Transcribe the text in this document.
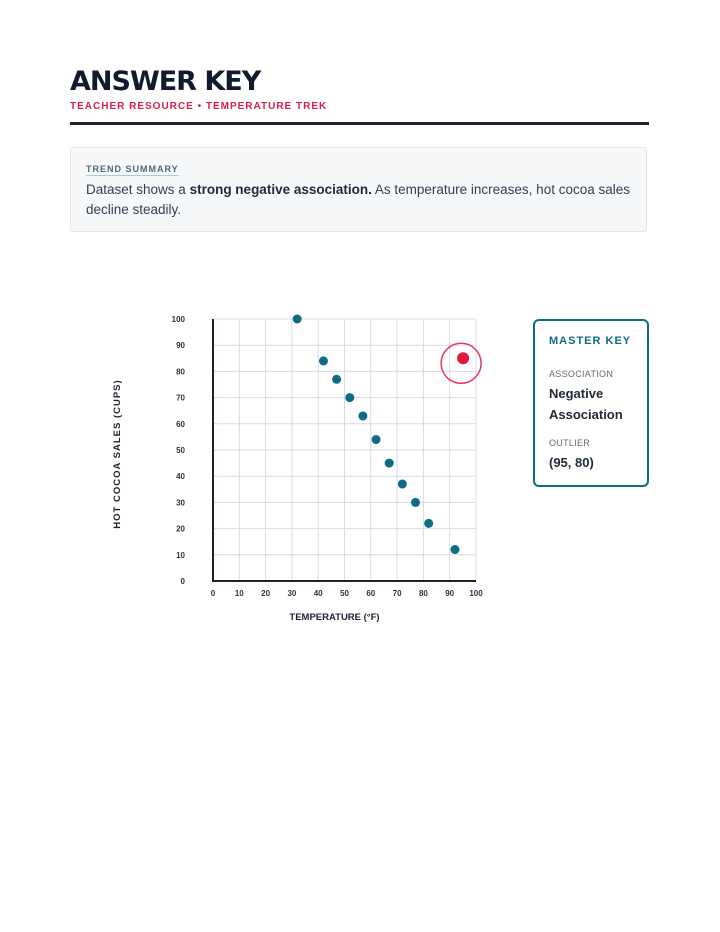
ANSWER KEY
TEACHER RESOURCE • TEMPERATURE TREK
TREND SUMMARY
Dataset shows a strong negative association. As temperature increases, hot cocoa sales decline steadily.
0 10 20 30 40 50 60 70 80 90 100
0
10
20
30
40
50
60
70
80
90
100
TEMPERATURE (°F)
HOT COCOA SALES (CUPS)
MASTER KEY
ASSOCIATION
Negative Association
OUTLIER
(95, 80)
